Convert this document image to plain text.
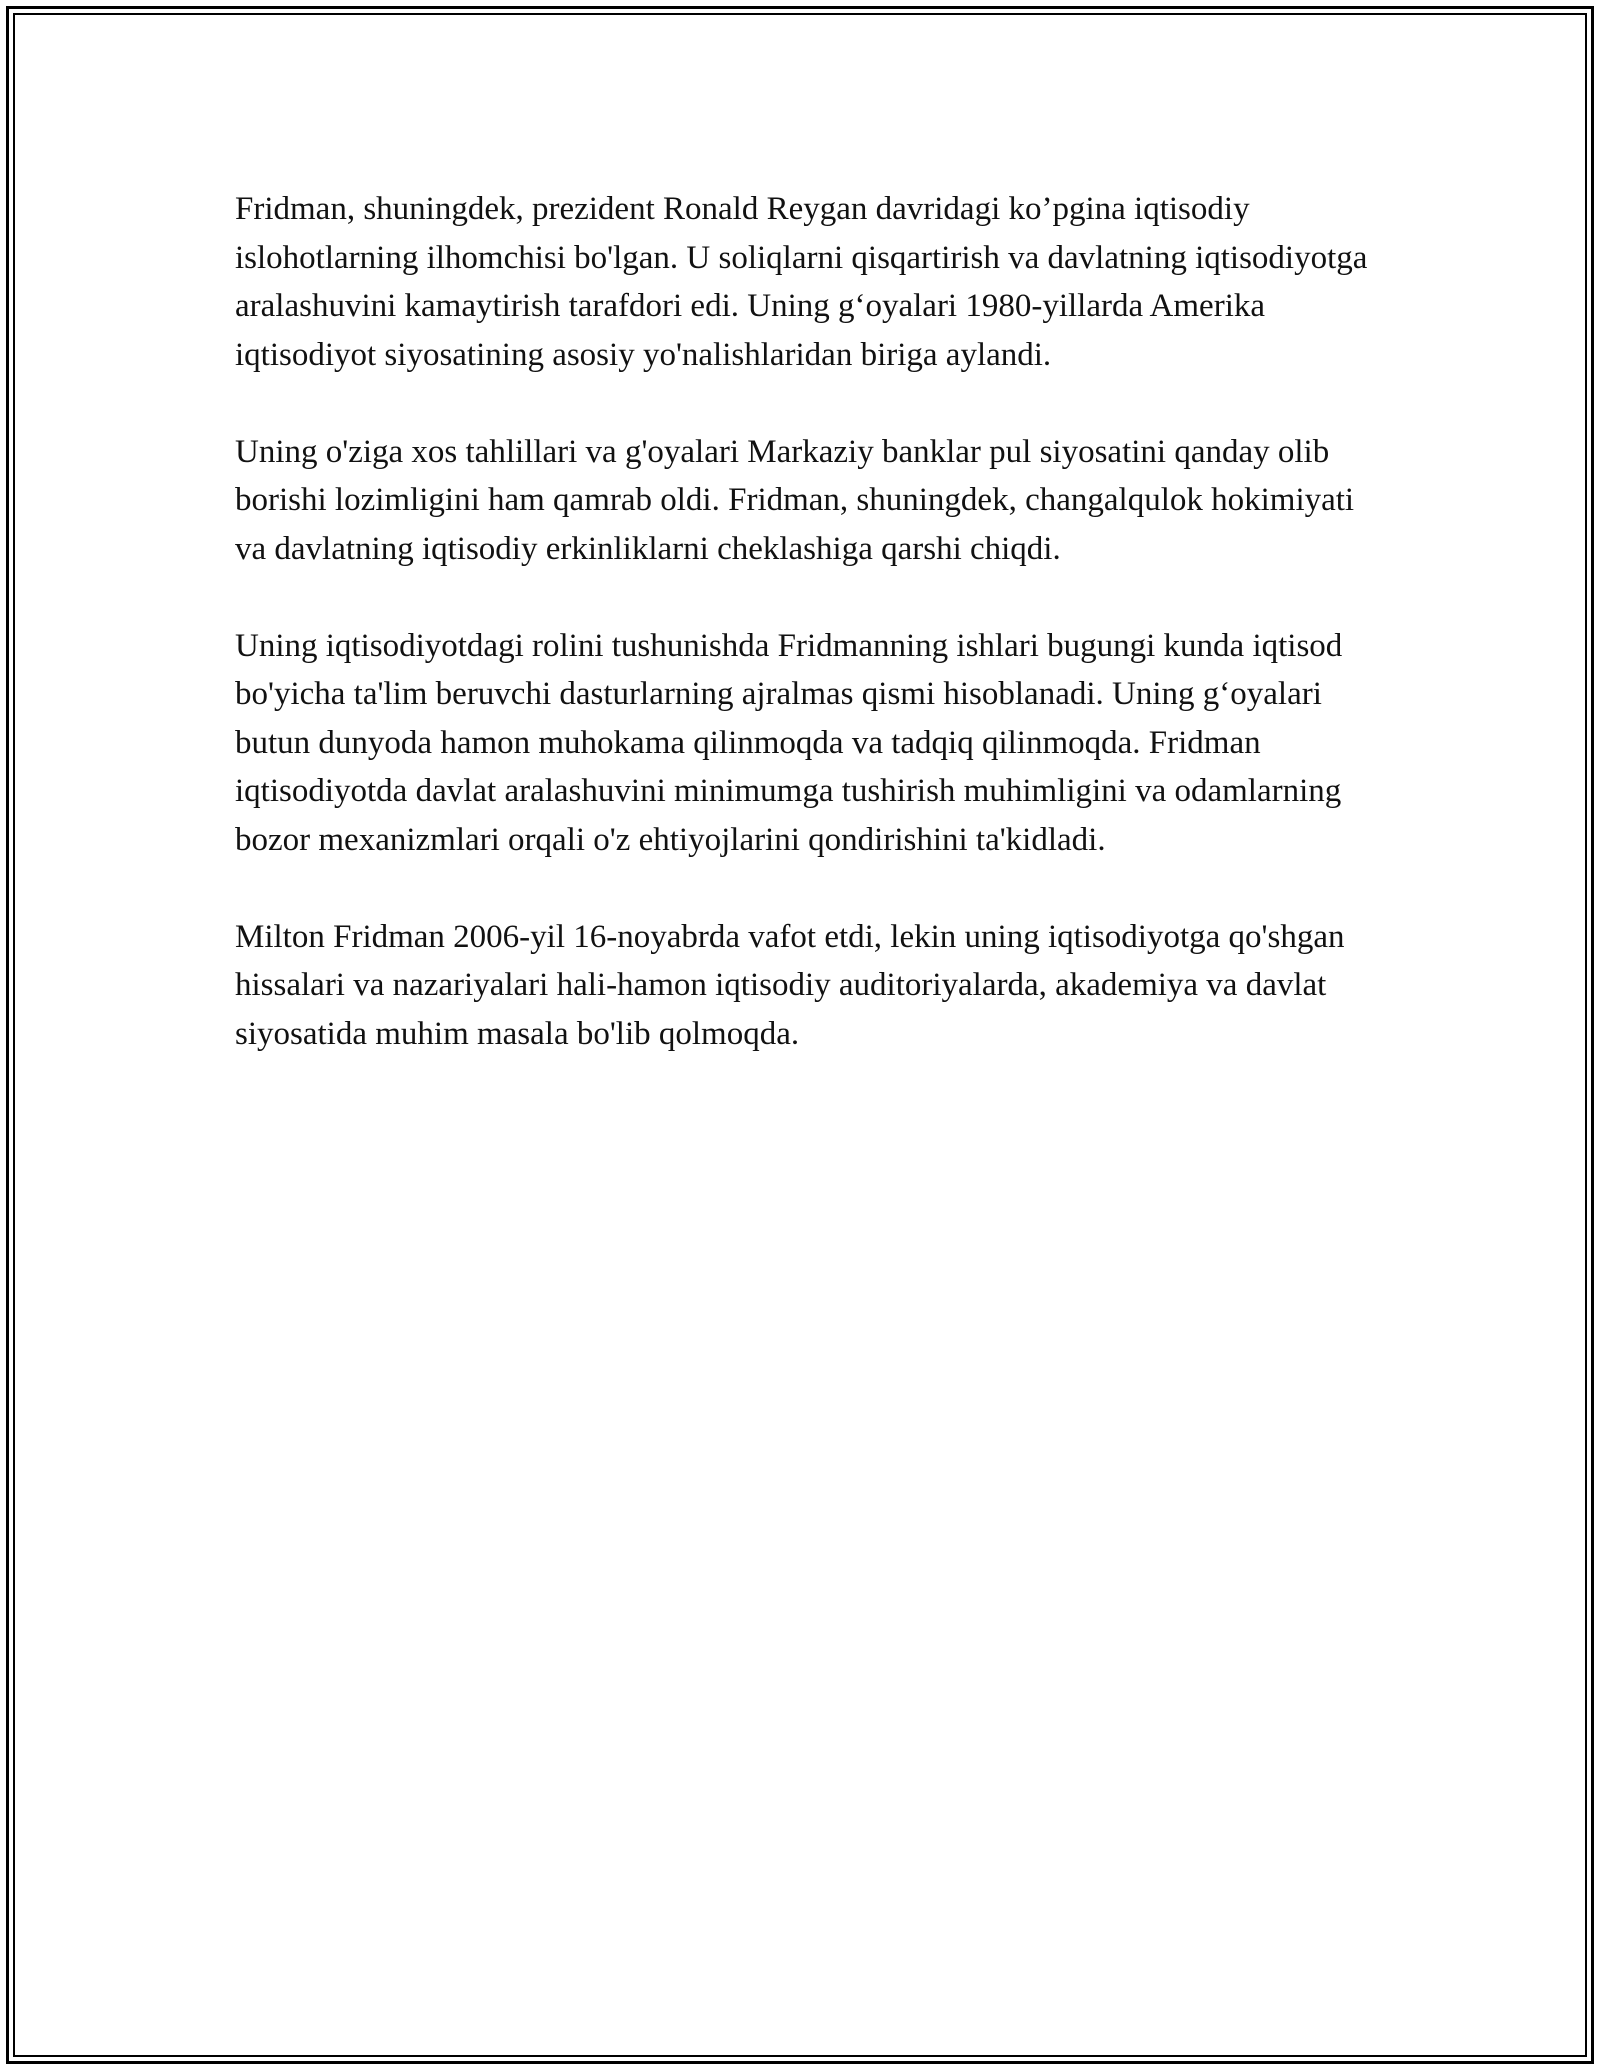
Fridman, shuningdek, prezident Ronald Reygan davridagi ko’pgina iqtisodiy islohotlarning ilhomchisi bo'lgan. U soliqlarni qisqartirish va davlatning iqtisodiyotga aralashuvini kamaytirish tarafdori edi. Uning g‘oyalari 1980-yillarda Amerika iqtisodiyot siyosatining asosiy yo'nalishlaridan biriga aylandi.

Uning o'ziga xos tahlillari va g'oyalari Markaziy banklar pul siyosatini qanday olib borishi lozimligini ham qamrab oldi. Fridman, shuningdek, changalqulok hokimiyati va davlatning iqtisodiy erkinliklarni cheklashiga qarshi chiqdi.

Uning iqtisodiyotdagi rolini tushunishda Fridmanning ishlari bugungi kunda iqtisod bo'yicha ta'lim beruvchi dasturlarning ajralmas qismi hisoblanadi. Uning g‘oyalari butun dunyoda hamon muhokama qilinmoqda va tadqiq qilinmoqda. Fridman iqtisodiyotda davlat aralashuvini minimumga tushirish muhimligini va odamlarning bozor mexanizmlari orqali o'z ehtiyojlarini qondirishini ta'kidladi.

Milton Fridman 2006-yil 16-noyabrda vafot etdi, lekin uning iqtisodiyotga qo'shgan hissalari va nazariyalari hali-hamon iqtisodiy auditoriyalarda, akademiya va davlat siyosatida muhim masala bo'lib qolmoqda.
